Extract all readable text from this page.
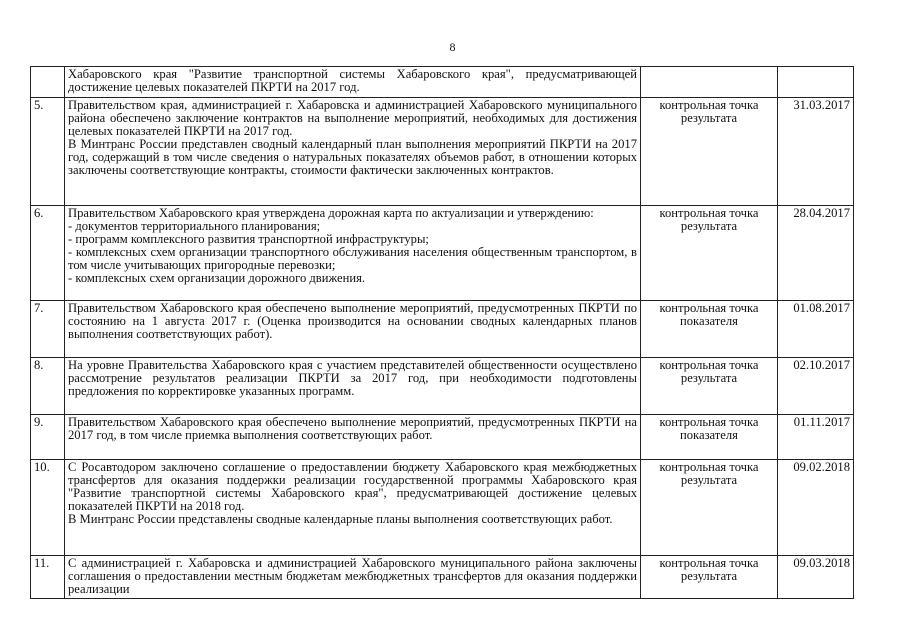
8

	Хабаровского края "Развитие транспортной системы Хабаровского края", предусматривающей достижение целевых показателей ПКРТИ на 2017 год.		

5.	Правительством края, администрацией г. Хабаровска и администрацией Хабаровского муниципального района обеспечено заключение контрактов на выполнение мероприятий, необходимых для достижения целевых показателей ПКРТИ на 2017 год.

В Минтранс России представлен сводный календарный план выполнения мероприятий ПКРТИ на 2017 год, содержащий в том числе сведения о натуральных показателях объемов работ, в отношении которых заключены соответствующие контракты, стоимости фактически заключенных контрактов.	контрольная точка результата	31.03.2017
6.	Правительством Хабаровского края утверждена дорожная карта по актуализации и утверждению:

- документов территориального планирования;

- программ комплексного развития транспортной инфраструктуры;

- комплексных схем организации транспортного обслуживания населения общественным транспортом, в том числе учитывающих пригородные перевозки;

- комплексных схем организации дорожного движения.	контрольная точка результата	28.04.2017
7.	Правительством Хабаровского края обеспечено выполнение мероприятий, предусмотренных ПКРТИ по состоянию на 1 августа 2017 г. (Оценка производится на основании сводных календарных планов выполнения соответствующих работ).	контрольная точка показателя	01.08.2017
8.	На уровне Правительства Хабаровского края с участием представителей общественности осуществлено рассмотрение результатов реализации ПКРТИ за 2017 год, при необходимости подготовлены предложения по корректировке указанных программ.	контрольная точка результата	02.10.2017
9.	Правительством Хабаровского края обеспечено выполнение мероприятий, предусмотренных ПКРТИ на 2017 год, в том числе приемка выполнения соответствующих работ.	контрольная точка показателя	01.11.2017
10.	С Росавтодором заключено соглашение о предоставлении бюджету Хабаровского края межбюджетных трансфертов для оказания поддержки реализации государственной программы Хабаровского края "Развитие транспортной системы Хабаровского края", предусматривающей достижение целевых показателей ПКРТИ на 2018 год.

В Минтранс России представлены сводные календарные планы выполнения соответствующих работ.	контрольная точка результата	09.02.2018
11.	С администрацией г. Хабаровска и администрацией Хабаровского муниципального района заключены соглашения о предоставлении местным бюджетам межбюджетных трансфертов для оказания поддержки реализации	контрольная точка результата	09.03.2018
